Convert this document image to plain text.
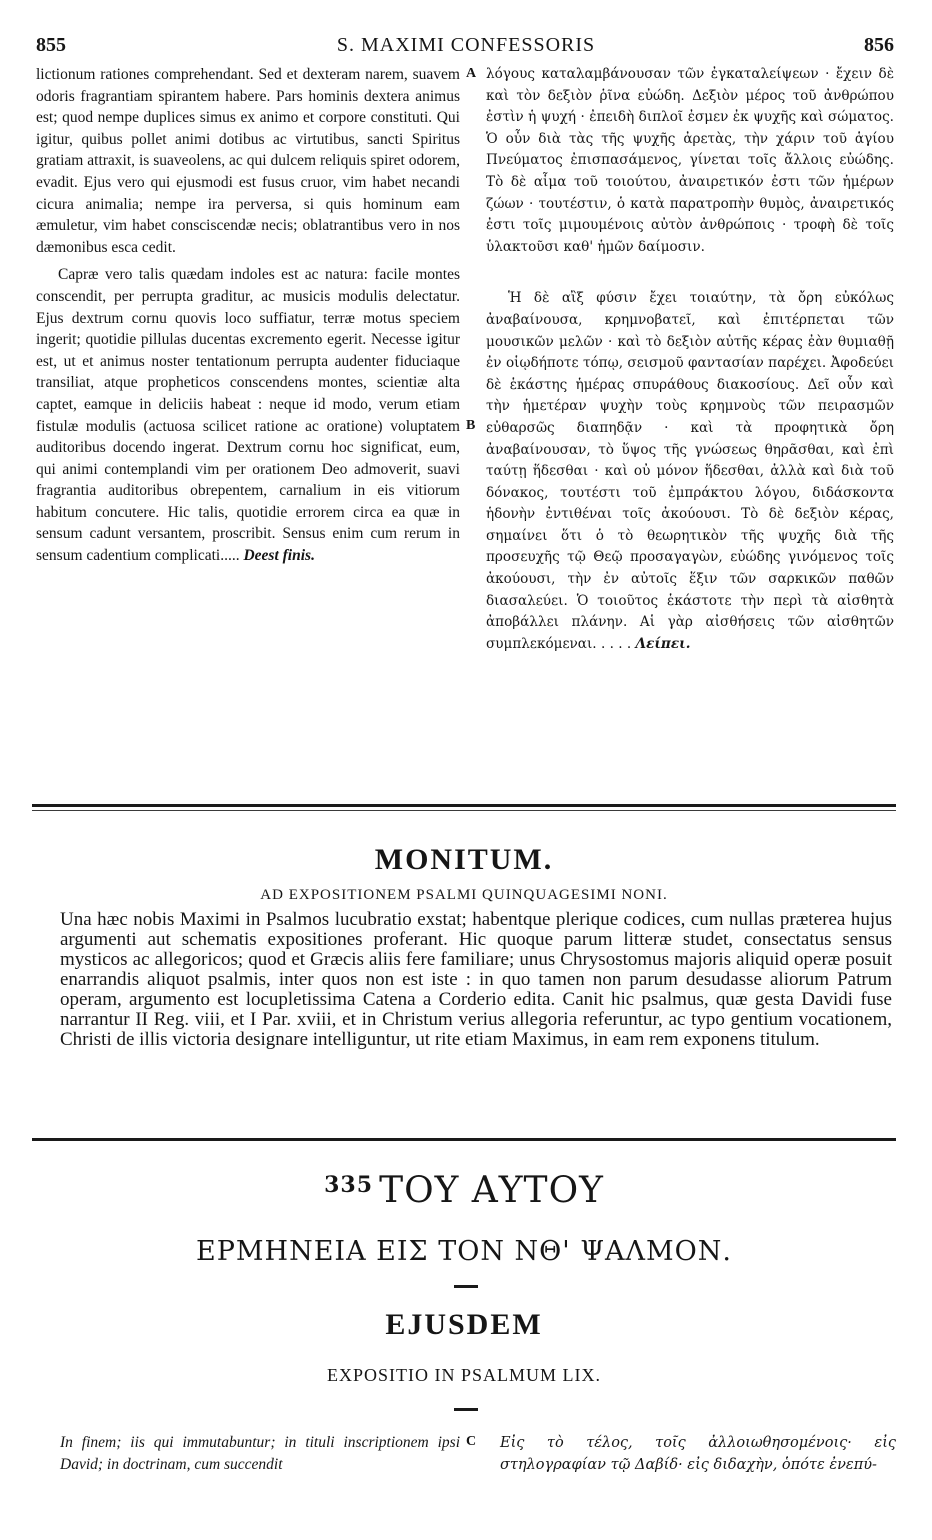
855	S. MAXIMI CONFESSORIS	856

lictionum rationes comprehendant. Sed et dexteram narem, suavem odoris fragrantiam spirantem habere. Pars hominis dextera animus est; quod nempe duplices simus ex animo et corpore constituti. Qui igitur, quibus pollet animi dotibus ac virtutibus, sancti Spiritus gratiam attraxit, is suaveolens, ac qui dulcem reliquis spiret odorem, evadit. Ejus vero qui ejusmodi est fusus cruor, vim habet necandi cicura animalia; nempe ira perversa, si quis hominum eam æmuletur, vim habet consciscendæ necis; oblatrantibus vero in nos dæmonibus esca cedit.

Capræ vero talis quædam indoles est ac natura: facile montes conscendit, per perrupta graditur, ac musicis modulis delectatur. Ejus dextrum cornu quovis loco suffiatur, terræ motus speciem ingerit; quotidie pillulas ducentas excremento egerit. Necesse igitur est, ut et animus noster tentationum perrupta audenter fiduciaque transiliat, atque propheticos conscendens montes, scientiæ alta captet, eamque in deliciis habeat : neque id modo, verum etiam fistulæ modulis (actuosa scilicet ratione ac oratione) voluptatem auditoribus docendo ingerat. Dextrum cornu hoc significat, eum, qui animi contemplandi vim per orationem Deo admoverit, suavi fragrantia auditoribus obrepentem, carnalium in eis vitiorum habitum concutere. Hic talis, quotidie errorem circa ea quæ in sensum cadunt versantem, proscribit. Sensus enim cum rerum in sensum cadentium complicati..... Deest finis.

A
B

λόγους καταλαμβάνουσαν τῶν ἐγκαταλείψεων · ἔχειν δὲ καὶ τὸν δεξιὸν ῥῖνα εὐώδη. Δεξιὸν μέρος τοῦ ἀνθρώπου ἐστὶν ἡ ψυχή · ἐπειδὴ διπλοῖ ἐσμεν ἐκ ψυχῆς καὶ σώματος. Ὁ οὖν διὰ τὰς τῆς ψυχῆς ἀρετὰς, τὴν χάριν τοῦ ἁγίου Πνεύματος ἐπισπασάμενος, γίνεται τοῖς ἄλλοις εὐώδης. Τὸ δὲ αἷμα τοῦ τοιούτου, ἀναιρετικόν ἐστι τῶν ἡμέρων ζώων · τουτέστιν, ὁ κατὰ παρατροπὴν θυμὸς, ἀναιρετικός ἐστι τοῖς μιμουμένοις αὐτὸν ἀνθρώποις · τροφὴ δὲ τοῖς ὑλακτοῦσι καθ' ἡμῶν δαίμοσιν.

Ἡ δὲ αἲξ φύσιν ἔχει τοιαύτην, τὰ ὄρη εὐκόλως ἀναβαίνουσα, κρημνοβατεῖ, καὶ ἐπιτέρπεται τῶν μουσικῶν μελῶν · καὶ τὸ δεξιὸν αὐτῆς κέρας ἐὰν θυμιαθῇ ἐν οἱῳδήποτε τόπῳ, σεισμοῦ φαντασίαν παρέχει. Ἀφοδεύει δὲ ἑκάστης ἡμέρας σπυράθους διακοσίους. Δεῖ οὖν καὶ τὴν ἡμετέραν ψυχὴν τοὺς κρημνοὺς τῶν πειρασμῶν εὐθαρσῶς διαπηδᾷν · καὶ τὰ προφητικὰ ὄρη ἀναβαίνουσαν, τὸ ὕψος τῆς γνώσεως θηρᾶσθαι, καὶ ἐπὶ ταύτῃ ἥδεσθαι · καὶ οὐ μόνον ἥδεσθαι, ἀλλὰ καὶ διὰ τοῦ δόνακος, τουτέστι τοῦ ἐμπράκτου λόγου, διδάσκοντα ἡδονὴν ἐντιθέναι τοῖς ἀκούουσι. Τὸ δὲ δεξιὸν κέρας, σημαίνει ὅτι ὁ τὸ θεωρητικὸν τῆς ψυχῆς διὰ τῆς προσευχῆς τῷ Θεῷ προσαγαγὼν, εὐώδης γινόμενος τοῖς ἀκούουσι, τὴν ἐν αὐτοῖς ἕξιν τῶν σαρκικῶν παθῶν διασαλεύει. Ὁ τοιοῦτος ἑκάστοτε τὴν περὶ τὰ αἰσθητὰ ἀποβάλλει πλάνην. Αἱ γὰρ αἰσθήσεις τῶν αἰσθητῶν συμπλεκόμεναι. . . . . Λείπει.

MONITUM.
AD EXPOSITIONEM PSALMI QUINQUAGESIMI NONI.
Una hæc nobis Maximi in Psalmos lucubratio exstat; habentque plerique codices, cum nullas præterea hujus argumenti aut schematis expositiones proferant. Hic quoque parum litteræ studet, consectatus sensus mysticos ac allegoricos; quod et Græcis aliis fere familiare; unus Chrysostomus majoris aliquid operæ posuit enarrandis aliquot psalmis, inter quos non est iste : in quo tamen non parum desudasse aliorum Patrum operam, argumento est locupletissima Catena a Corderio edita. Canit hic psalmus, quæ gesta Davidi fuse narrantur II Reg. viii, et I Par. xviii, et in Christum verius allegoria referuntur, ac typo gentium vocationem, Christi de illis victoria designare intelliguntur, ut rite etiam Maximus, in eam rem exponens titulum.
$^{335}$ ΤΟΥ ΑΥΤΟΥ
ΕΡΜΗΝΕΙΑ ΕΙΣ ΤΟΝ ΝΘ' ΨΑΛΜΟΝ.
EJUSDEM
EXPOSITIO IN PSALMUM LIX.
In finem; iis qui immutabuntur; in tituli inscriptionem ipsi David; in doctrinam, cum succendit
C Εἰς τὸ τέλος, τοῖς ἀλλοιωθησομένοις· εἰς στηλογραφίαν τῷ Δαβίδ· εἰς διδαχὴν, ὁπότε ἐνεπύ-
